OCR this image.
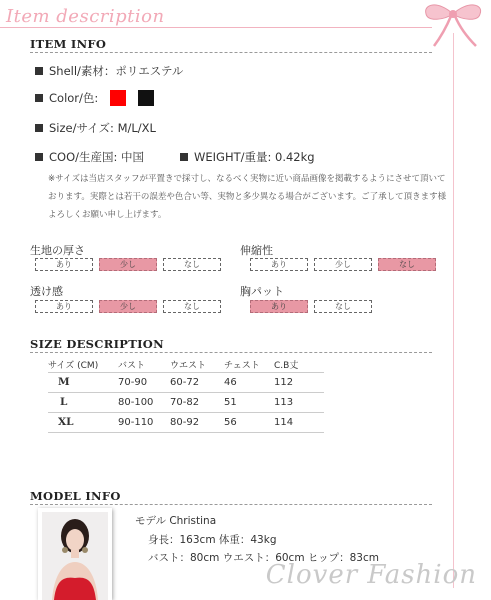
Item description
ITEM INFO
Shell/素材：ポリエステル
Color/色:
Size/サイズ: M/L/XL
COO/生産国: 中国	WEIGHT/重量: 0.42kg
※サイズは当店スタッフが平置きで採寸し、なるべく実物に近い商品画像を掲載するようにさせて頂いております。実際とは若干の誤差や色合い等、実物と多少異なる場合がございます。ご了承して頂きます様よろしくお願い申し上げます。
生地の厚さ
あり	少し	なし
伸縮性
あり	少し	なし
透け感
あり	少し	なし
胸パット
あり	なし
SIZE DESCRIPTION
サイズ (CM)	バスト	ウエスト	チェスト	C.B丈
M	70-90	60-72	46	112
L	80-100	70-82	51	113
XL	90-110	80-92	56	114
MODEL INFO
モデル Christina
身長：163cm 体重：43kg
バスト：80cm ウエスト：60cm ヒップ：83cm
Clover Fashion
